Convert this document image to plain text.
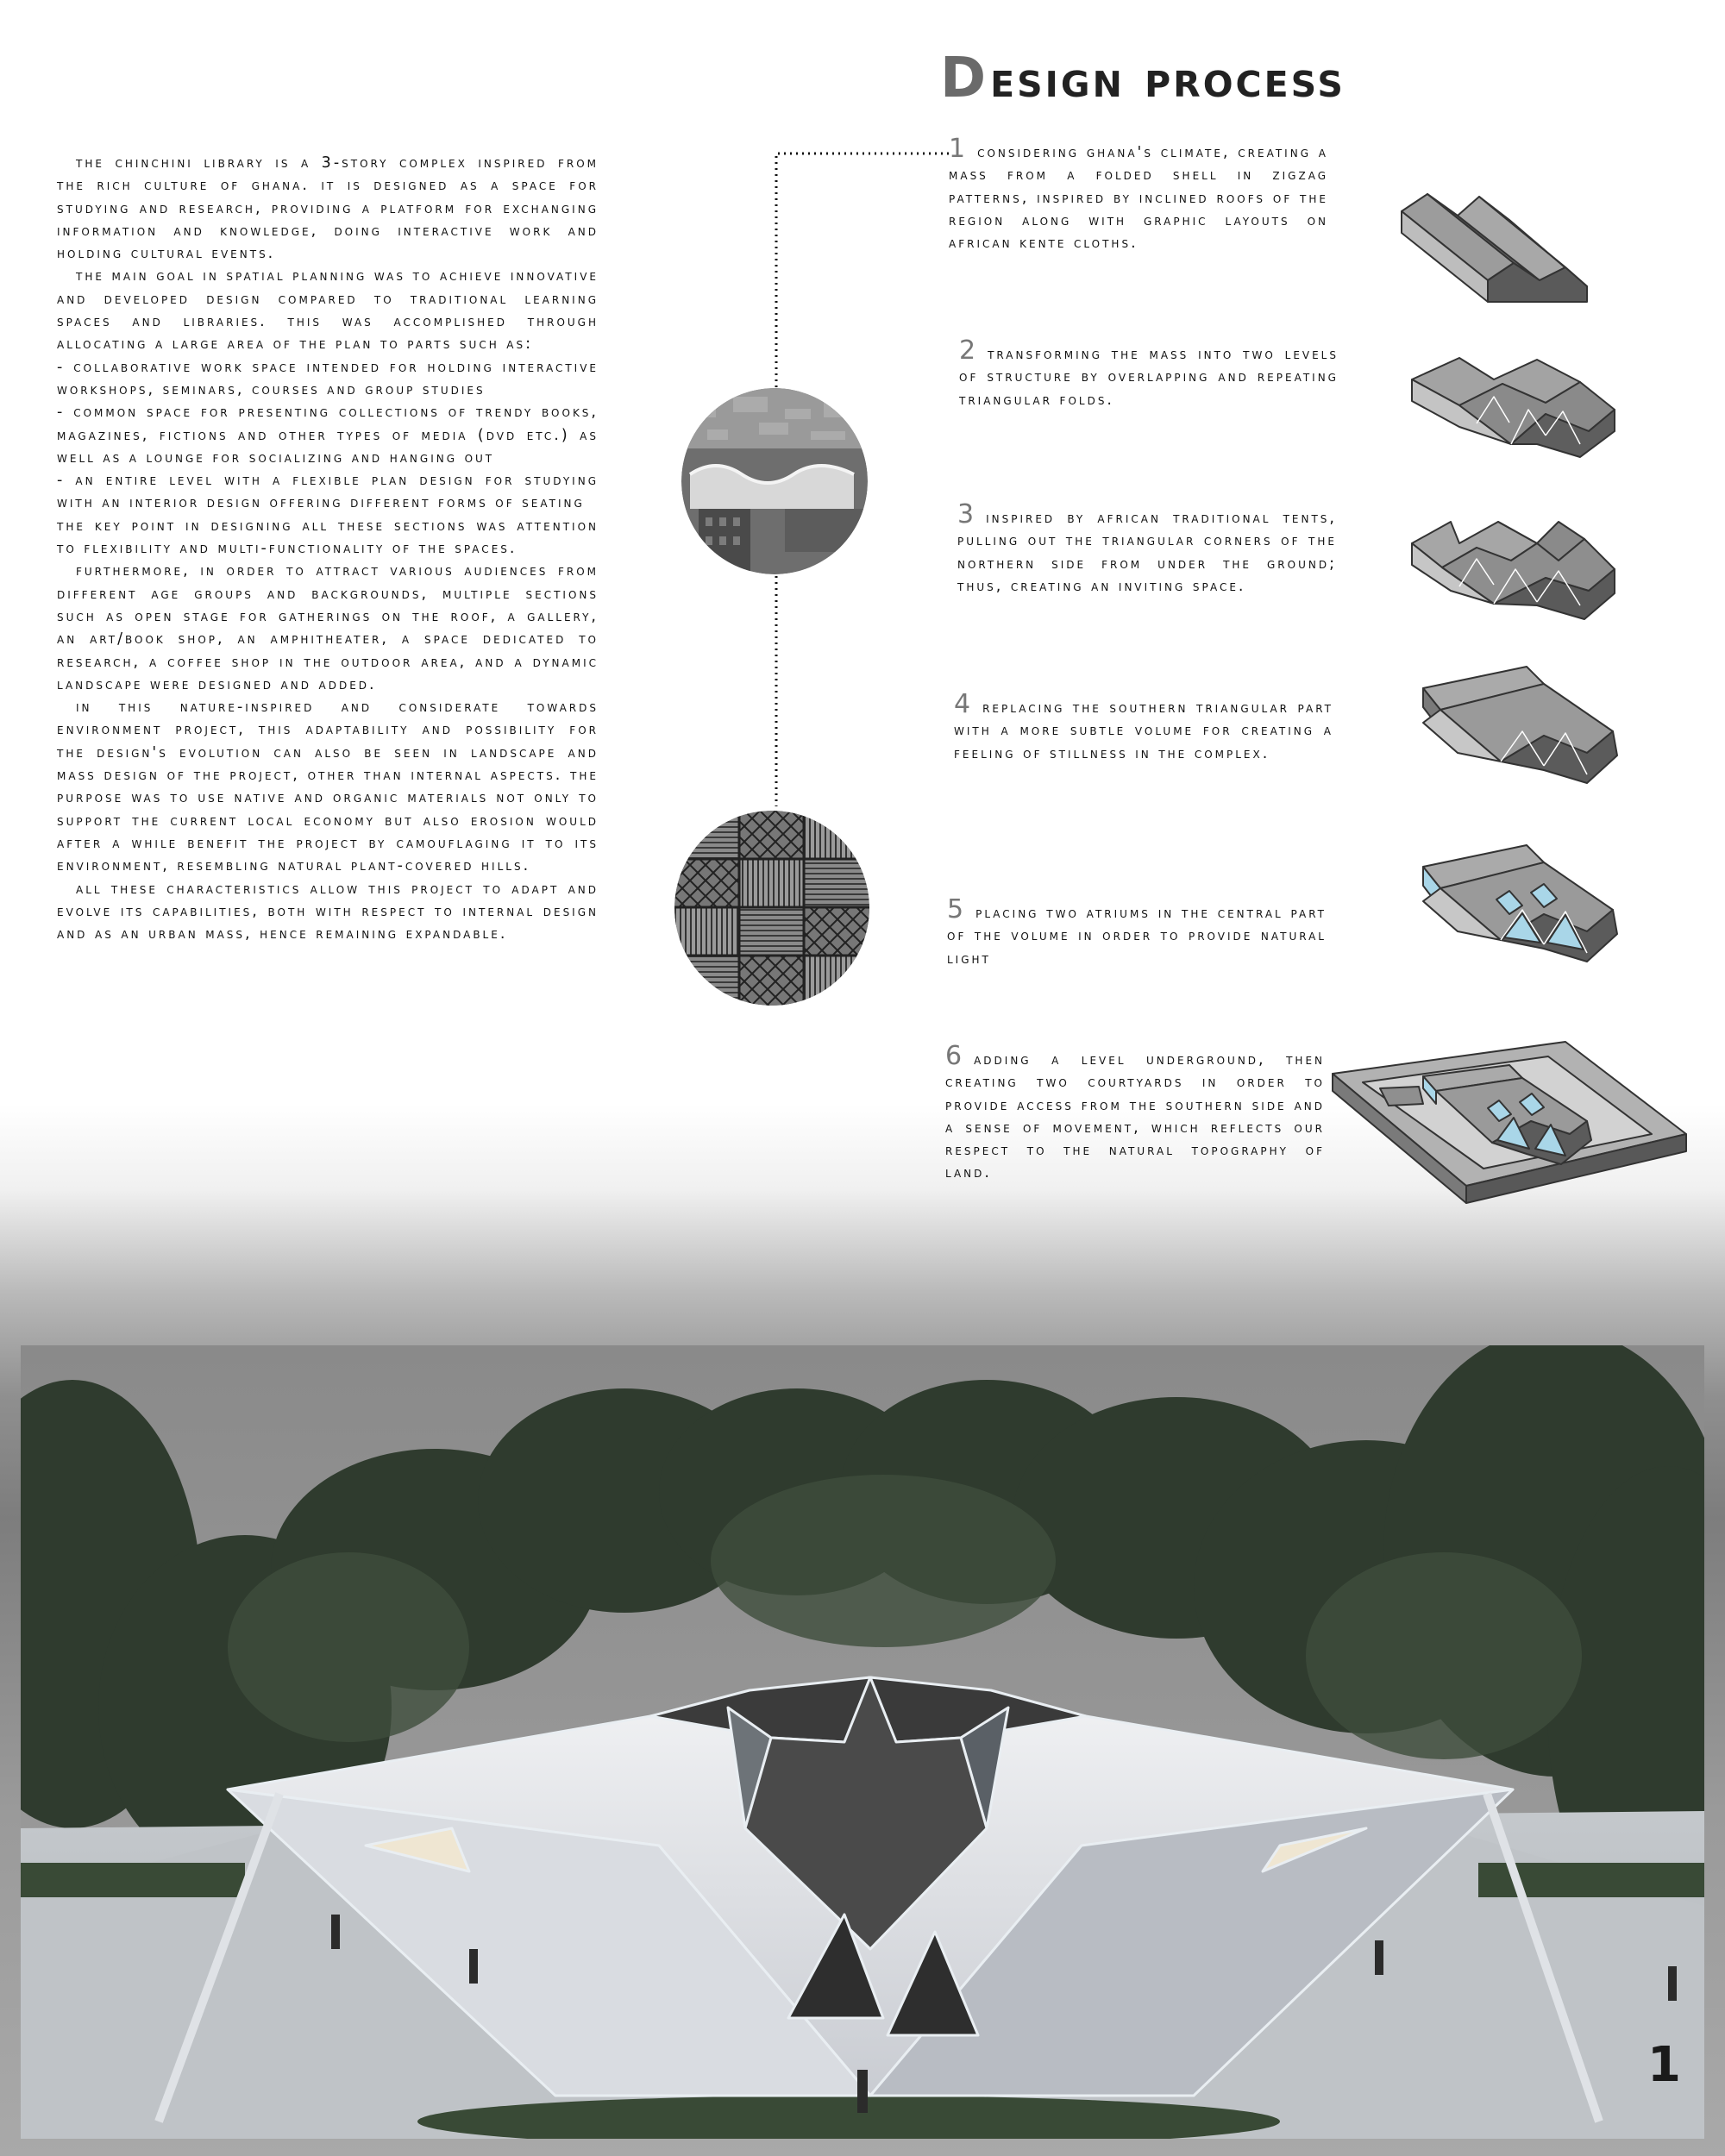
Design process

the chinchini library is a 3-story complex inspired from the rich culture of ghana. it is designed as a space for studying and research, providing a platform for exchanging information and knowledge, doing interactive work and holding cultural events.

the main goal in spatial planning was to achieve innovative and developed design compared to traditional learning spaces and libraries. this was accomplished through allocating a large area of the plan to parts such as:

- collaborative work space intended for holding interactive workshops, seminars, courses and group studies

- common space for presenting collections of trendy books, magazines, fictions and other types of media (dvd etc.) as well as a lounge for socializing and hanging out

- an entire level with a flexible plan design for studying with an interior design offering different forms of seating

the key point in designing all these sections was attention to flexibility and multi-functionality of the spaces.

furthermore, in order to attract various audiences from different age groups and backgrounds, multiple sections such as open stage for gatherings on the roof, a gallery, an art/book shop, an amphitheater, a space dedicated to research, a coffee shop in the outdoor area, and a dynamic landscape were designed and added.

in this nature-inspired and considerate towards environment project, this adaptability and possibility for the design's evolution can also be seen in landscape and mass design of the project, other than internal aspects. the purpose was to use native and organic materials not only to support the current local economy but also erosion would after a while benefit the project by camouflaging it to its environment, resembling natural plant-covered hills.

all these characteristics allow this project to adapt and evolve its capabilities, both with respect to internal design and as an urban mass, hence remaining expandable.

1 considering ghana's climate, creating a mass from a folded shell in zigzag patterns, inspired by inclined roofs of the region along with graphic layouts on african kente cloths.
2 transforming the mass into two levels of structure by overlapping and repeating triangular folds.
3 inspired by african traditional tents, pulling out the triangular corners of the northern side from under the ground; thus, creating an inviting space.
4 replacing the southern triangular part with a more subtle volume for creating a feeling of stillness in the complex.
5 placing two atriums in the central part of the volume in order to provide natural light
6 adding a level underground, then creating two courtyards in order to provide access from the southern side and a sense of movement, which reflects our respect to the natural topography of land.
1
